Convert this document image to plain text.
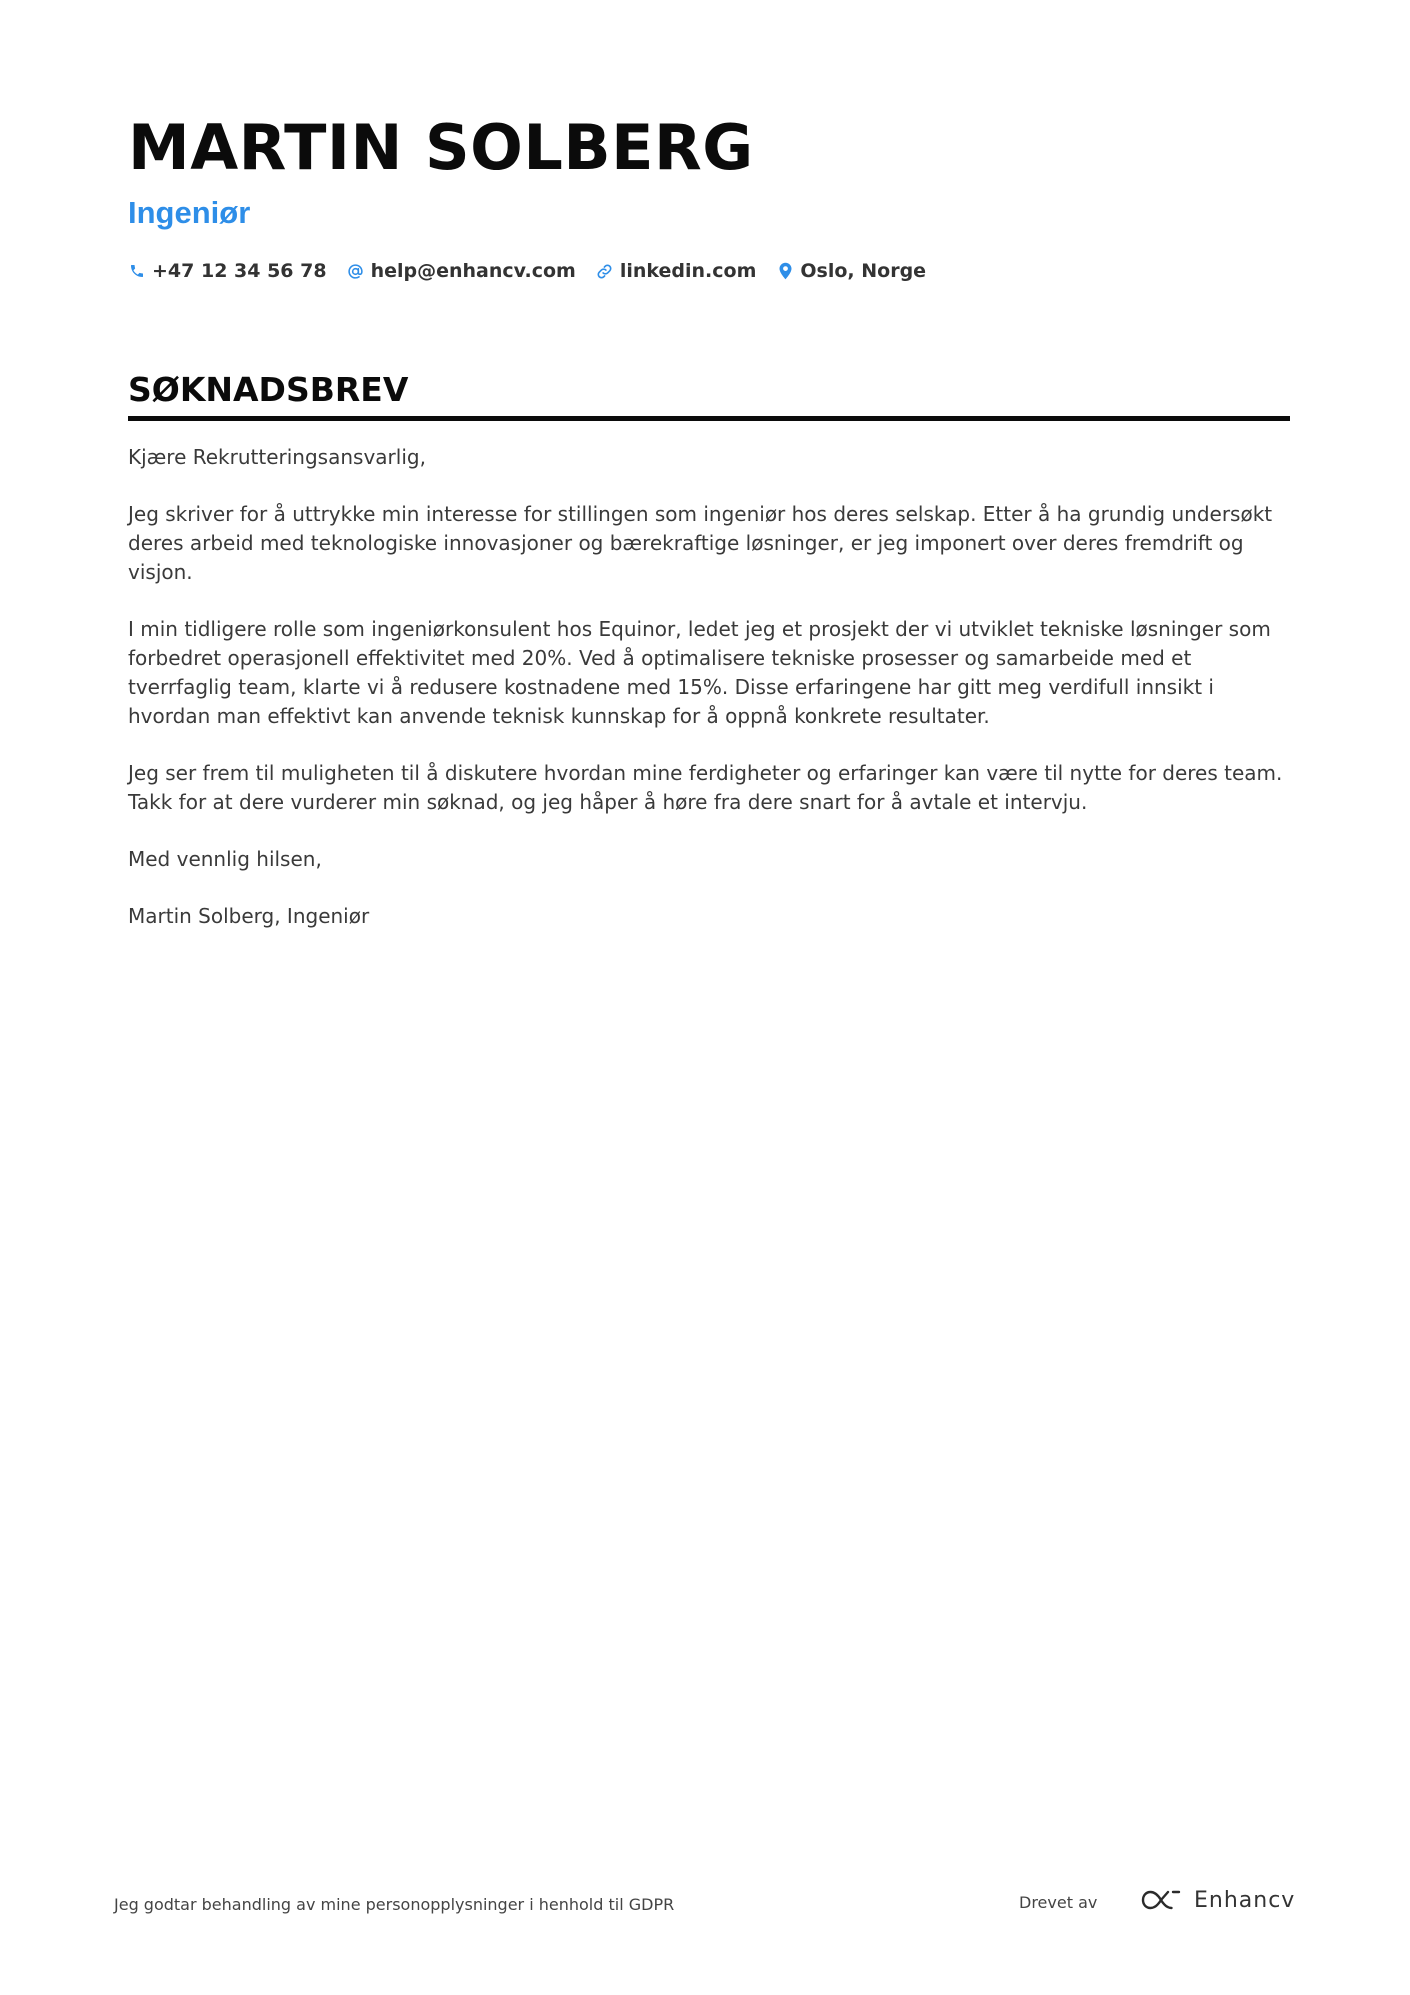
MARTIN SOLBERG
Ingeniør
+47 12 34 56 78 help@enhancv.com linkedin.com Oslo, Norge
SØKNADSBREV

Kjære Rekrutteringsansvarlig,

Jeg skriver for å uttrykke min interesse for stillingen som ingeniør hos deres selskap. Etter å ha grundig undersøkt deres arbeid med teknologiske innovasjoner og bærekraftige løsninger, er jeg imponert over deres fremdrift og visjon.

I min tidligere rolle som ingeniørkonsulent hos Equinor, ledet jeg et prosjekt der vi utviklet tekniske løsninger som forbedret operasjonell effektivitet med 20%. Ved å optimalisere tekniske prosesser og samarbeide med et tverrfaglig team, klarte vi å redusere kostnadene med 15%. Disse erfaringene har gitt meg verdifull innsikt i hvordan man effektivt kan anvende teknisk kunnskap for å oppnå konkrete resultater.

Jeg ser frem til muligheten til å diskutere hvordan mine ferdigheter og erfaringer kan være til nytte for deres team. Takk for at dere vurderer min søknad, og jeg håper å høre fra dere snart for å avtale et intervju.

Med vennlig hilsen,

Martin Solberg, Ingeniør

Jeg godtar behandling av mine personopplysninger i henhold til GDPR	Drevet av	Enhancv
